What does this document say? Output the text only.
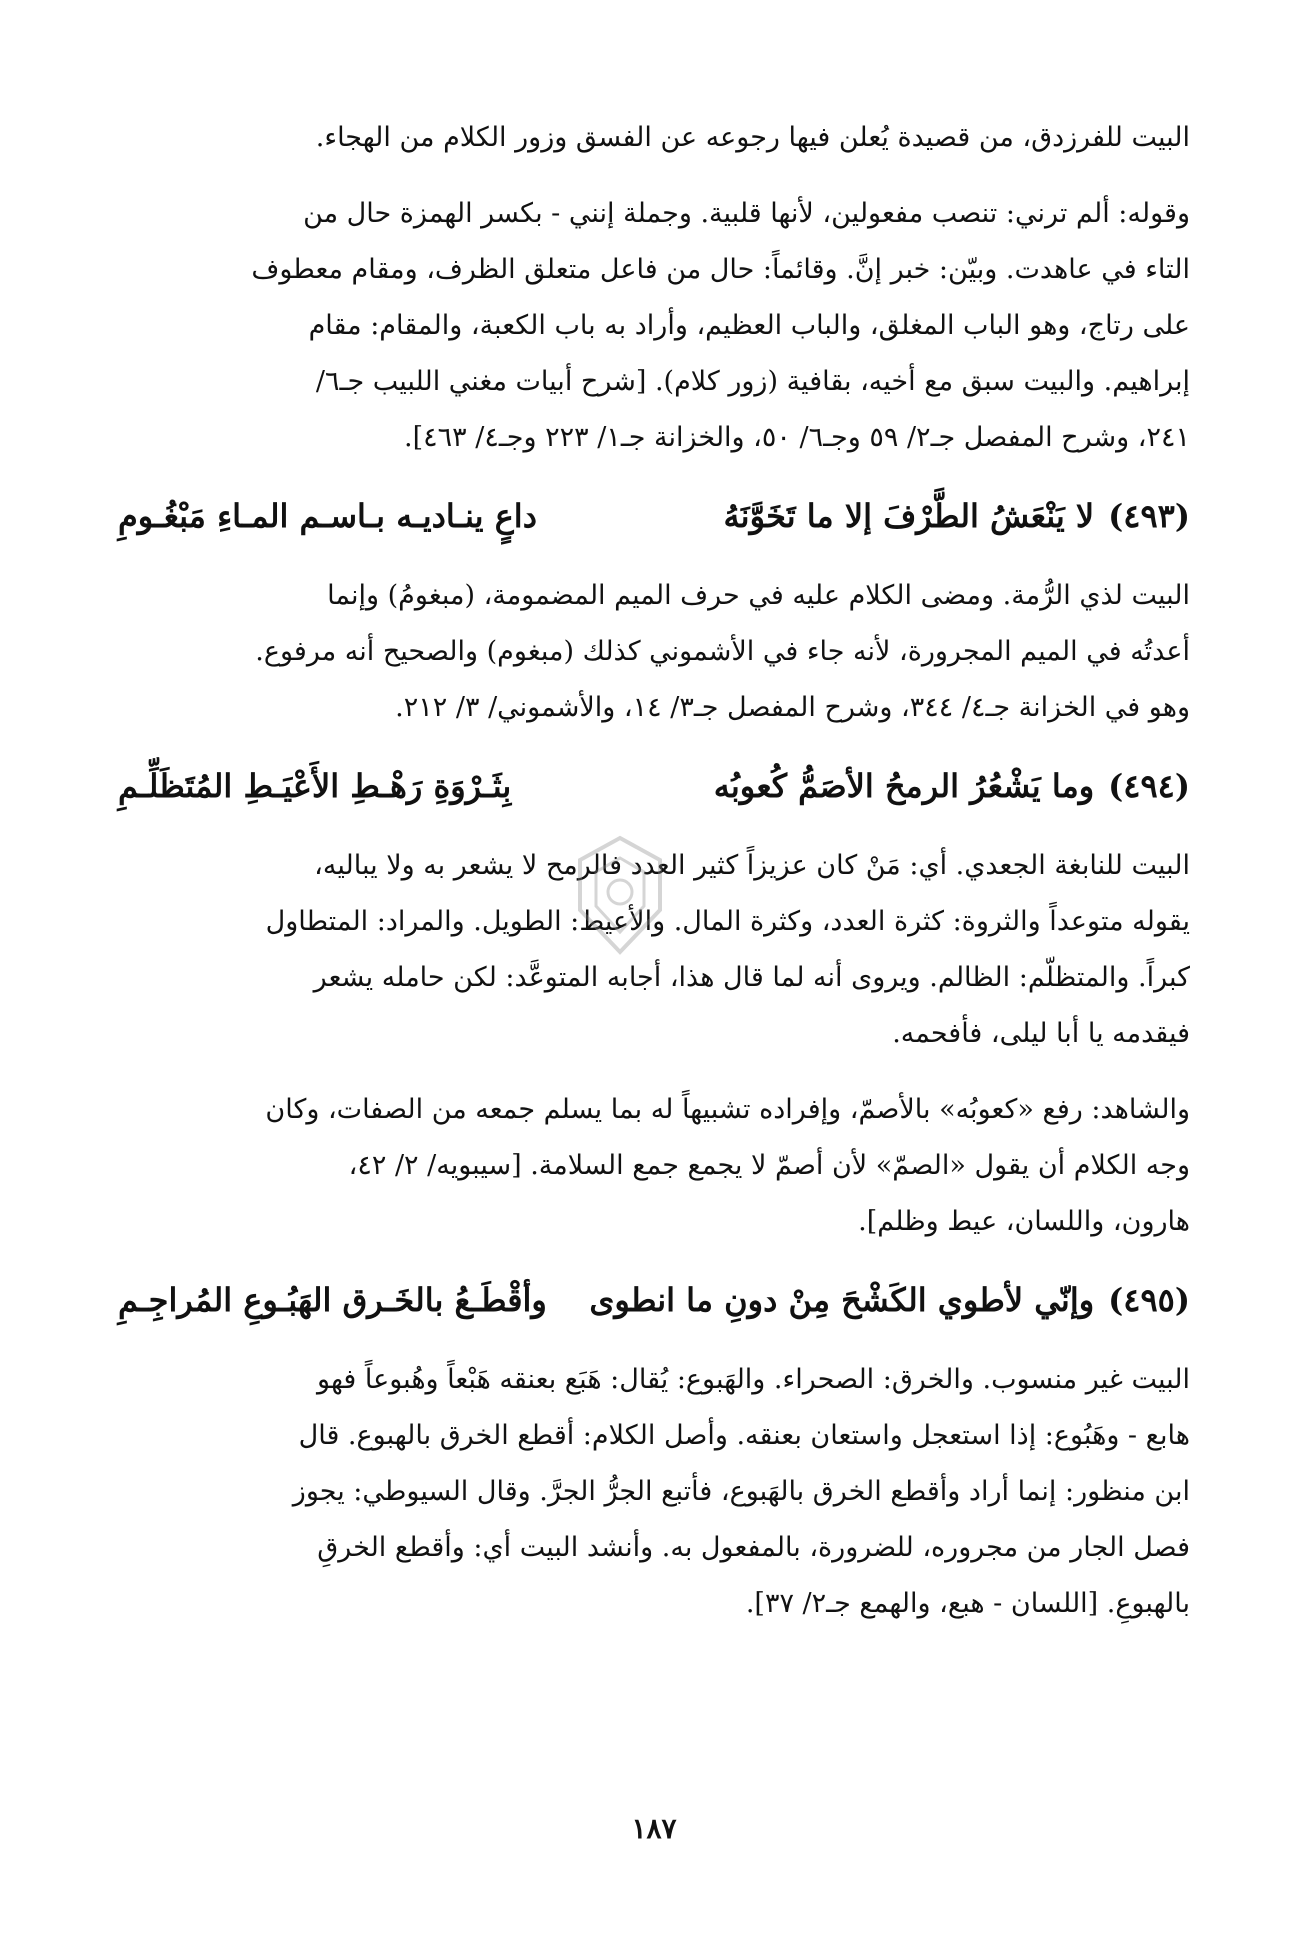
البيت للفرزدق، من قصيدة يُعلن فيها رجوعه عن الفسق وزور الكلام من الهجاء.
وقوله: ألم ترني: تنصب مفعولين، لأنها قلبية. وجملة إنني - بكسر الهمزة حال من
التاء في عاهدت. وبيّن: خبر إنَّ. وقائماً: حال من فاعل متعلق الظرف، ومقام معطوف
على رتاج، وهو الباب المغلق، والباب العظيم، وأراد به باب الكعبة، والمقام: مقام
إبراهيم. والبيت سبق مع أخيه، بقافية (زور كلام). [شرح أبيات مغني اللبيب جـ٦/
٢٤١، وشرح المفصل جـ٢/ ٥٩ وجـ٦/ ٥٠، والخزانة جـ١/ ٢٢٣ وجـ٤/ ٤٦٣].
(٤٩٣)
لا يَنْعَشُ الطَّرْفَ إلا ما تَخَوَّنَهُ
داعٍ ينـاديـه بـاسـم المـاءِ مَبْغُـومِ
البيت لذي الرُّمة. ومضى الكلام عليه في حرف الميم المضمومة، (مبغومُ) وإنما
أعدتُه في الميم المجرورة، لأنه جاء في الأشموني كذلك (مبغوم) والصحيح أنه مرفوع.
وهو في الخزانة جـ٤/ ٣٤٤، وشرح المفصل جـ٣/ ١٤، والأشموني/ ٣/ ٢١٢.
(٤٩٤)
وما يَشْعُرُ الرمحُ الأصَمُّ كُعوبُه
بِثَـرْوَةِ رَهْـطِ الأَعْيَـطِ المُتَظَلِّـمِ
البيت للنابغة الجعدي. أي: مَنْ كان عزيزاً كثير العدد فالرمح لا يشعر به ولا يباليه،
يقوله متوعداً والثروة: كثرة العدد، وكثرة المال. والأعيط: الطويل. والمراد: المتطاول
كبراً. والمتظلّم: الظالم. ويروى أنه لما قال هذا، أجابه المتوعَّد: لكن حامله يشعر
فيقدمه يا أبا ليلى، فأفحمه.
والشاهد: رفع «كعوبُه» بالأصمّ، وإفراده تشبيهاً له بما يسلم جمعه من الصفات، وكان
وجه الكلام أن يقول «الصمّ» لأن أصمّ لا يجمع جمع السلامة. [سيبويه/ ٢/ ٤٢،
هارون، واللسان، عيط وظلم].
(٤٩٥)
وإنّي لأطوي الكَشْحَ مِنْ دونِ ما انطوى
وأقْطَـعُ بالخَـرق الهَبُـوعِ المُراجِـمِ
البيت غير منسوب. والخرق: الصحراء. والهَبوع: يُقال: هَبَع بعنقه هَبْعاً وهُبوعاً فهو
هابع - وهَبُوع: إذا استعجل واستعان بعنقه. وأصل الكلام: أقطع الخرق بالهبوع. قال
ابن منظور: إنما أراد وأقطع الخرق بالهَبوع، فأتبع الجرُّ الجرَّ. وقال السيوطي: يجوز
فصل الجار من مجروره، للضرورة، بالمفعول به. وأنشد البيت أي: وأقطع الخرقِ
بالهبوعِ. [اللسان - هبع، والهمع جـ٢/ ٣٧].
١٨٧
